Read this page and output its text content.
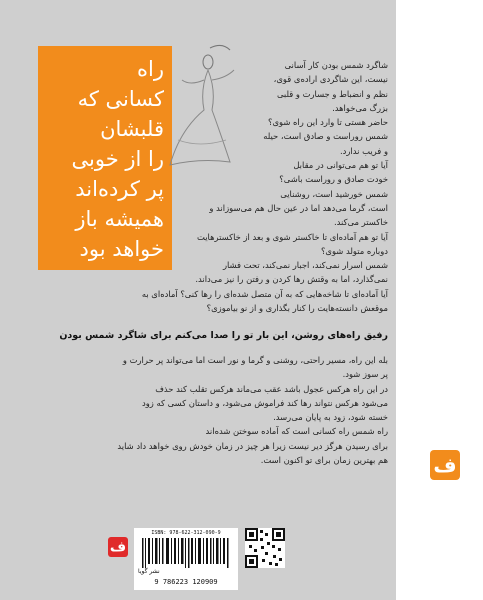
راه
کسانی که
قلبشان
را از خوبی
پر کرده‌اند
همیشه باز
خواهد بود
شاگرد شمس بودن کار آسانی
نیست، این شاگردی اراده‌ی قوی،
نظم و انضباط و جسارت و قلبی
بزرگ می‌خواهد.
حاضر هستی تا وارد این راه شوی؟
شمس روراست و صادق است، حیله
و فریب ندارد.
آیا تو هم می‌توانی در مقابل
خودت صادق و روراست باشی؟
شمس خورشید است، روشنایی
است، گرما می‌دهد اما در عین حال هم می‌سوزاند و
خاکستر می‌کند.
آیا تو هم آماده‌ای تا خاکستر شوی و بعد از خاکسترهایت
دوباره متولد شوی؟
شمس اسرار نمی‌کند، اجبار نمی‌کند، تحت فشار
نمی‌گذارد، اما به وقتش رها کردن و رفتن را نیز می‌داند.
آیا آماده‌ای تا شاخه‌هایی که به آن متصل شده‌ای را رها کنی؟ آماده‌ای به
موقعش دانسته‌هایت را کنار بگذاری و از نو بیاموزی؟
رفیق راه‌های روشن، این بار تو را صدا می‌کنم برای شاگرد شمس بودن
بله این راه، مسیر راحتی، روشنی و گرما و نور است اما می‌تواند پر حرارت و
پر سوز شود.
در این راه هرکس عجول باشد عقب می‌ماند هرکس تقلب کند حذف
می‌شود هرکس نتواند رها کند فراموش می‌شود، و داستان کسی که زود
خسته شود، زود به پایان می‌رسد.
راه شمس راه کسانی است که آماده سوختن شده‌اند
برای رسیدن هرگز دیر نیست زیرا هر چیز در زمان خودش روی خواهد داد شاید
هم بهترین زمان برای تو اکنون است.
ف
ISBN: 978-622-312-090-9
نشر گویا
9 786223 120909
ف
